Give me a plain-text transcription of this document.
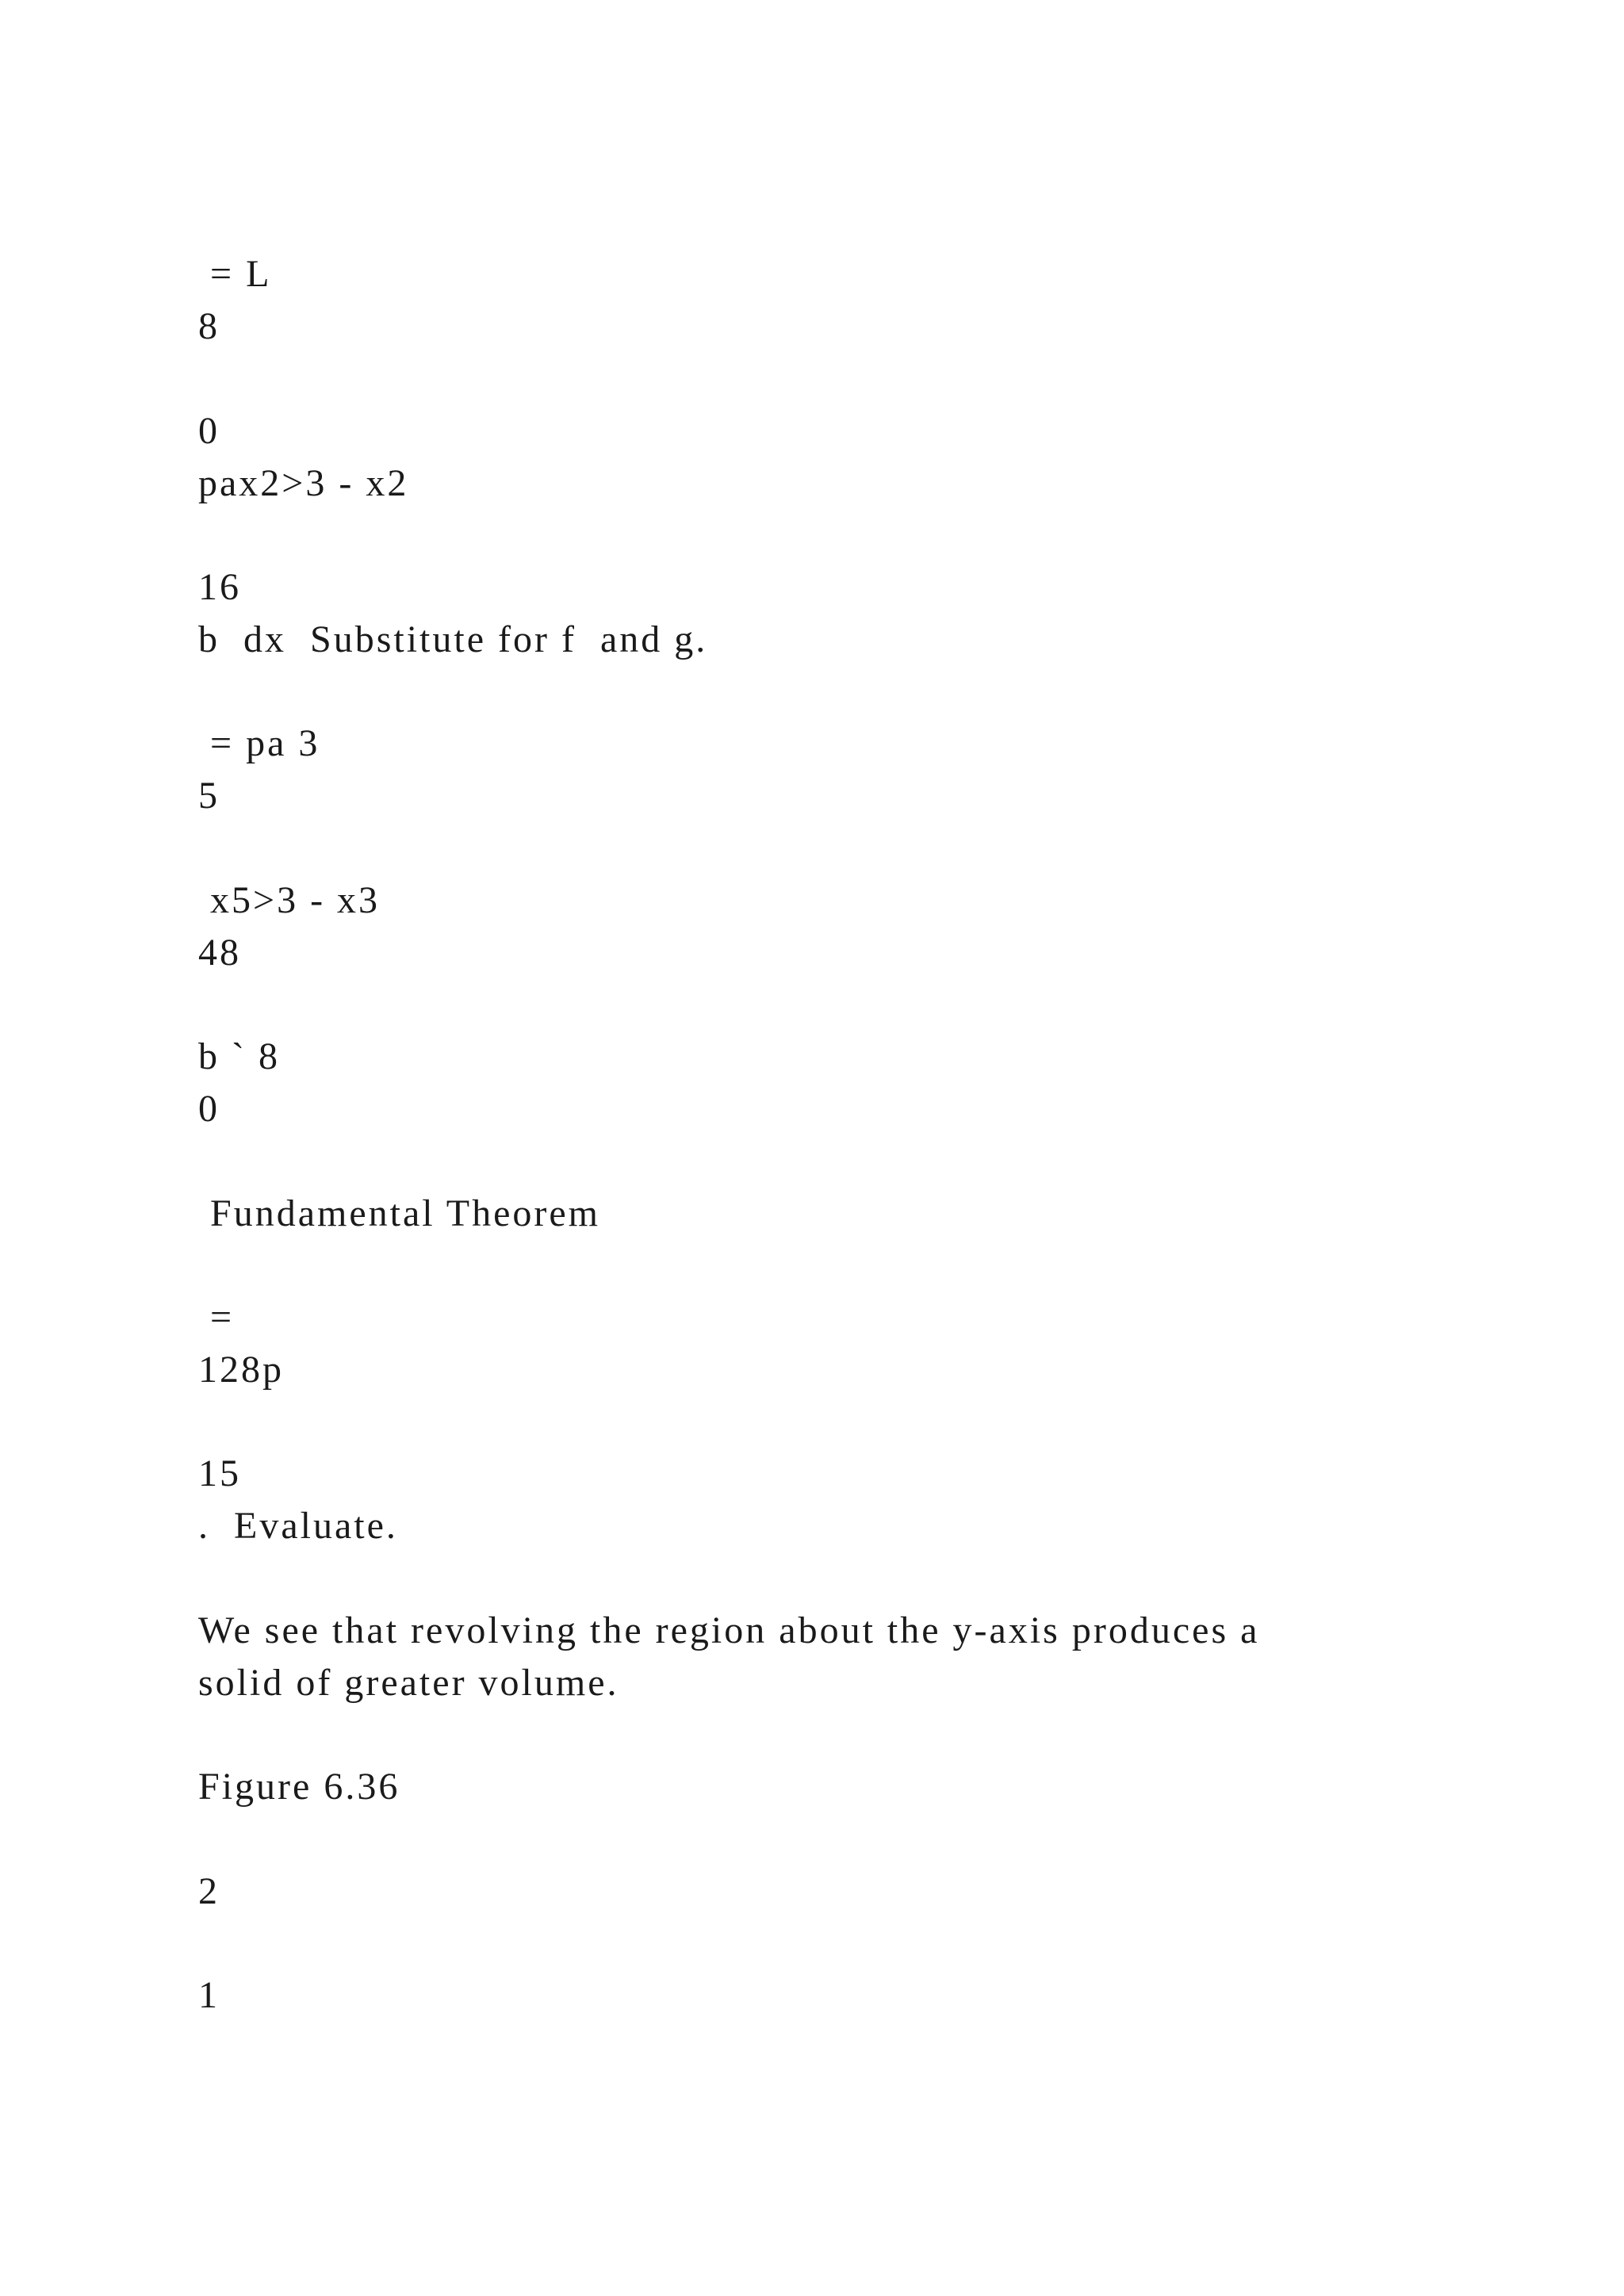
= L

8

0

pax2>3 - x2

16

b  dx  Substitute for f  and g.

= pa 3

5

x5>3 - x3

48

b ` 8

0

Fundamental Theorem

=

128p

15

.  Evaluate.

We see that revolving the region about the y-axis produces a

solid of greater volume.

Figure 6.36

2

1
